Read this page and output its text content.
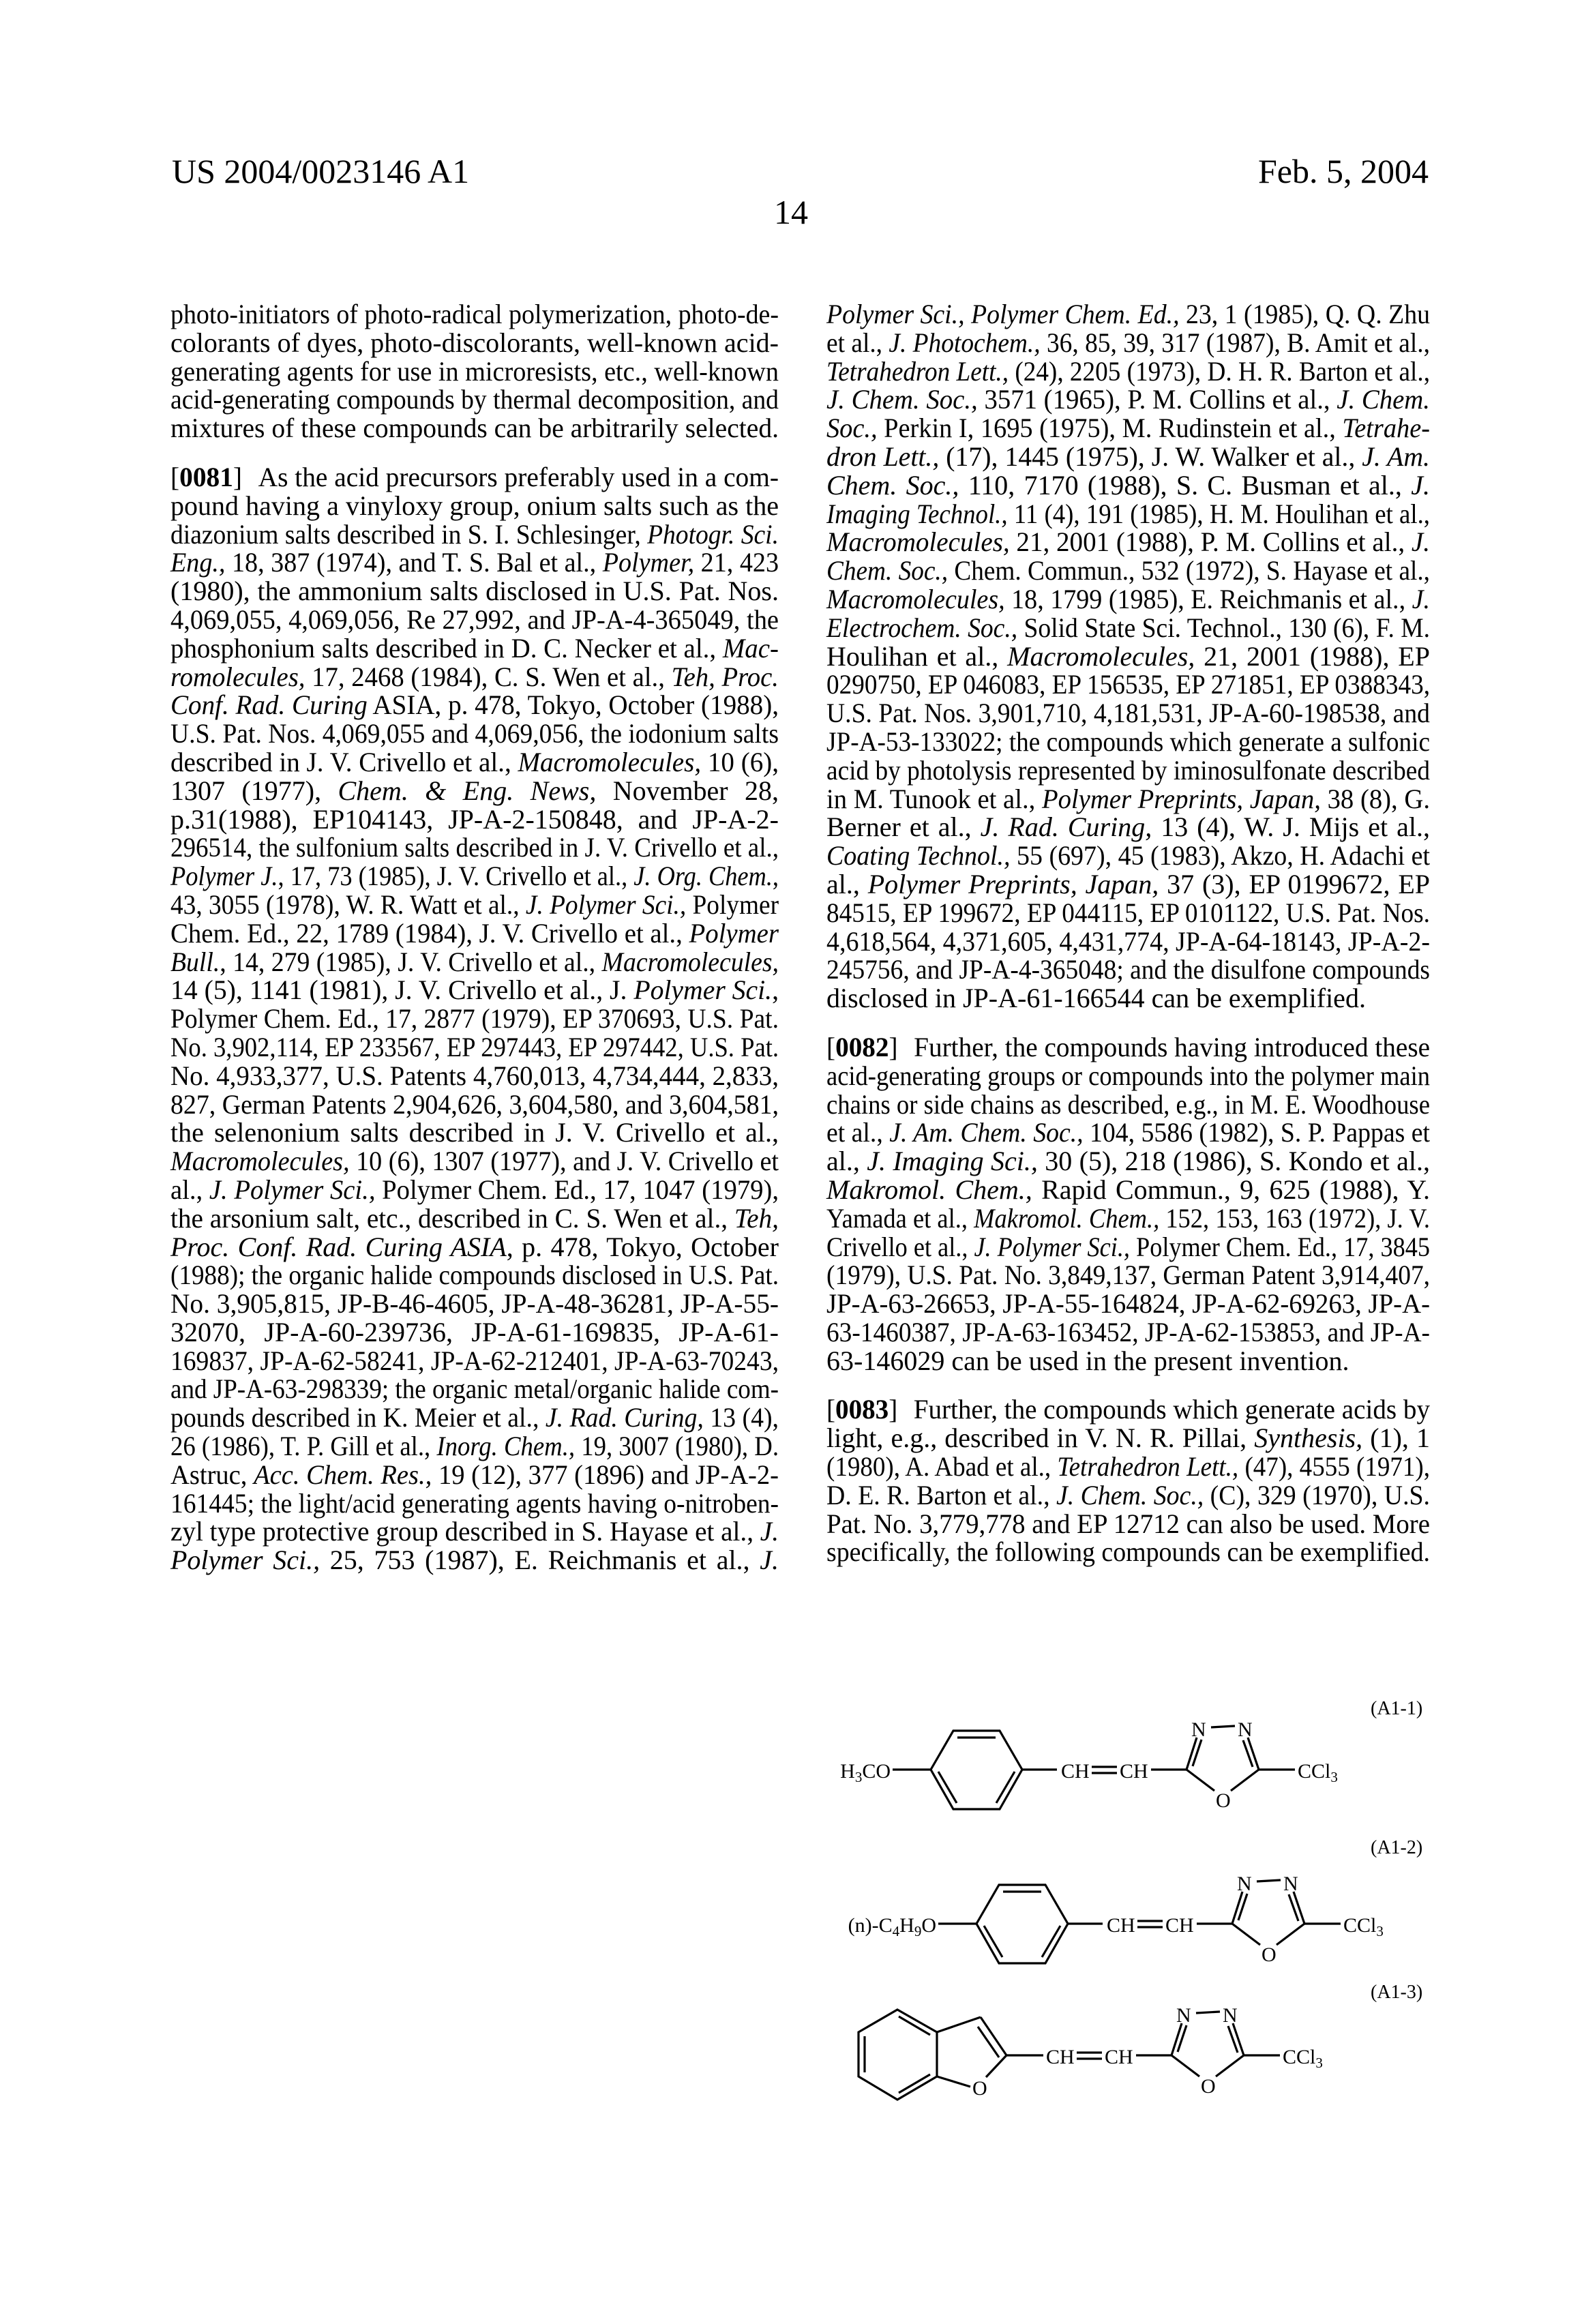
US 2004/0023146 A1	Feb. 5, 2004
14
photo-initiators of photo-radical polymerization, photo-de-
colorants of dyes, photo-discolorants, well-known acid-
generating agents for use in microresists, etc., well-known
acid-generating compounds by thermal decomposition, and
mixtures of these compounds can be arbitrarily selected.
[ 0081 ] As the acid precursors preferably used in a com-
pound having a vinyloxy group, onium salts such as the
diazonium salts described in S. I. Schlesinger, Photogr. Sci.
Eng., 18, 387 (1974), and T. S. Bal et al., Polymer, 21, 423
(1980), the ammonium salts disclosed in U.S. Pat. Nos.
4,069,055, 4,069,056, Re 27,992, and JP-A-4-365049, the
phosphonium salts described in D. C. Necker et al., Mac-
romolecules, 17, 2468 (1984), C. S. Wen et al., Teh, Proc.
Conf. Rad. Curing ASIA, p. 478, Tokyo, October (1988),
U.S. Pat. Nos. 4,069,055 and 4,069,056, the iodonium salts
described in J. V. Crivello et al., Macromolecules, 10 (6),
1307 (1977), Chem. & Eng. News, November 28,
p.31(1988), EP104143, JP-A-2-150848, and JP-A-2-
296514, the sulfonium salts described in J. V. Crivello et al.,
Polymer J., 17, 73 (1985), J. V. Crivello et al., J. Org. Chem.,
43, 3055 (1978), W. R. Watt et al., J. Polymer Sci., Polymer
Chem. Ed., 22, 1789 (1984), J. V. Crivello et al., Polymer
Bull., 14, 279 (1985), J. V. Crivello et al., Macromolecules,
14 (5), 1141 (1981), J. V. Crivello et al., J. Polymer Sci.,
Polymer Chem. Ed., 17, 2877 (1979), EP 370693, U.S. Pat.
No. 3,902,114, EP 233567, EP 297443, EP 297442, U.S. Pat.
No. 4,933,377, U.S. Patents 4,760,013, 4,734,444, 2,833,
827, German Patents 2,904,626, 3,604,580, and 3,604,581,
the selenonium salts described in J. V. Crivello et al.,
Macromolecules, 10 (6), 1307 (1977), and J. V. Crivello et
al., J. Polymer Sci., Polymer Chem. Ed., 17, 1047 (1979),
the arsonium salt, etc., described in C. S. Wen et al., Teh,
Proc. Conf. Rad. Curing ASIA, p. 478, Tokyo, October
(1988); the organic halide compounds disclosed in U.S. Pat.
No. 3,905,815, JP-B-46-4605, JP-A-48-36281, JP-A-55-
32070, JP-A-60-239736, JP-A-61-169835, JP-A-61-
169837, JP-A-62-58241, JP-A-62-212401, JP-A-63-70243,
and JP-A-63-298339; the organic metal/organic halide com-
pounds described in K. Meier et al., J. Rad. Curing, 13 (4),
26 (1986), T. P. Gill et al., Inorg. Chem., 19, 3007 (1980), D.
Astruc, Acc. Chem. Res., 19 (12), 377 (1896) and JP-A-2-
161445; the light/acid generating agents having o-nitroben-
zyl type protective group described in S. Hayase et al., J.
Polymer Sci., 25, 753 (1987), E. Reichmanis et al., J.
Polymer Sci., Polymer Chem. Ed., 23, 1 (1985), Q. Q. Zhu
et al., J. Photochem., 36, 85, 39, 317 (1987), B. Amit et al.,
Tetrahedron Lett., (24), 2205 (1973), D. H. R. Barton et al.,
J. Chem. Soc., 3571 (1965), P. M. Collins et al., J. Chem.
Soc., Perkin I, 1695 (1975), M. Rudinstein et al., Tetrahe-
dron Lett., (17), 1445 (1975), J. W. Walker et al., J. Am.
Chem. Soc., 110, 7170 (1988), S. C. Busman et al., J.
Imaging Technol., 11 (4), 191 (1985), H. M. Houlihan et al.,
Macromolecules, 21, 2001 (1988), P. M. Collins et al., J.
Chem. Soc., Chem. Commun., 532 (1972), S. Hayase et al.,
Macromolecules, 18, 1799 (1985), E. Reichmanis et al., J.
Electrochem. Soc., Solid State Sci. Technol., 130 (6), F. M.
Houlihan et al., Macromolecules, 21, 2001 (1988), EP
0290750, EP 046083, EP 156535, EP 271851, EP 0388343,
U.S. Pat. Nos. 3,901,710, 4,181,531, JP-A-60-198538, and
JP-A-53-133022; the compounds which generate a sulfonic
acid by photolysis represented by iminosulfonate described
in M. Tunook et al., Polymer Preprints, Japan, 38 (8), G.
Berner et al., J. Rad. Curing, 13 (4), W. J. Mijs et al.,
Coating Technol., 55 (697), 45 (1983), Akzo, H. Adachi et
al., Polymer Preprints, Japan, 37 (3), EP 0199672, EP
84515, EP 199672, EP 044115, EP 0101122, U.S. Pat. Nos.
4,618,564, 4,371,605, 4,431,774, JP-A-64-18143, JP-A-2-
245756, and JP-A-4-365048; and the disulfone compounds
disclosed in JP-A-61-166544 can be exemplified.
[ 0082 ] Further, the compounds having introduced these
acid-generating groups or compounds into the polymer main
chains or side chains as described, e.g., in M. E. Woodhouse
et al., J. Am. Chem. Soc., 104, 5586 (1982), S. P. Pappas et
al., J. Imaging Sci., 30 (5), 218 (1986), S. Kondo et al.,
Makromol. Chem., Rapid Commun., 9, 625 (1988), Y.
Yamada et al., Makromol. Chem., 152, 153, 163 (1972), J. V.
Crivello et al., J. Polymer Sci., Polymer Chem. Ed., 17, 3845
(1979), U.S. Pat. No. 3,849,137, German Patent 3,914,407,
JP-A-63-26653, JP-A-55-164824, JP-A-62-69263, JP-A-
63-1460387, JP-A-63-163452, JP-A-62-153853, and JP-A-
63-146029 can be used in the present invention.
[ 0083 ] Further, the compounds which generate acids by
light, e.g., described in V. N. R. Pillai, Synthesis, (1), 1
(1980), A. Abad et al., Tetrahedron Lett., (47), 4555 (1971),
D. E. R. Barton et al., J. Chem. Soc., (C), 329 (1970), U.S.
Pat. No. 3,779,778 and EP 12712 can also be used. More
specifically, the following compounds can be exemplified.
(A1-1)
H3CO	CH CH
N N
O
CCl3
(A1-2)
(n)-C4H9O	CH CH
N N
O
CCl3
(A1-3)
O
CH CH
N N
O
CCl3
